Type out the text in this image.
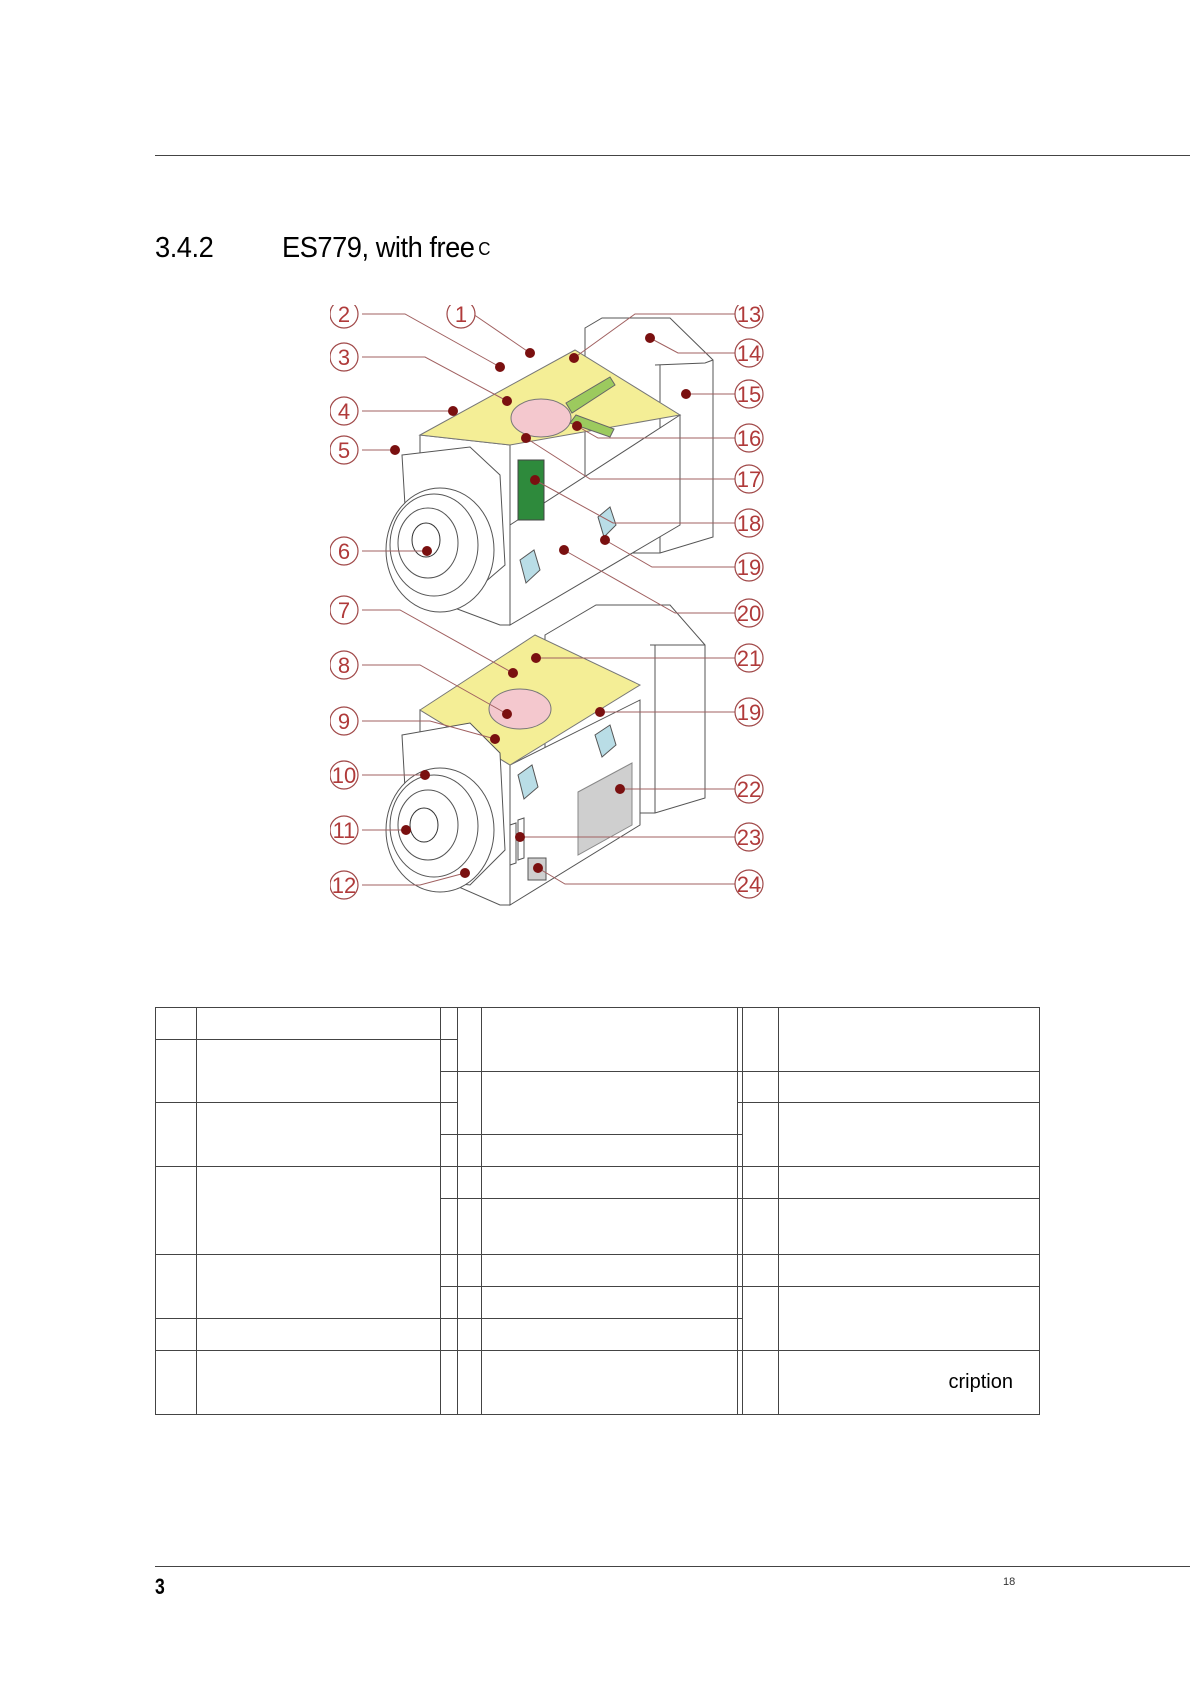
3.4.2 ES779, with free C
2
3
4
5
6
7
8
9
10
11
12
1	13
14
15
16
17
18
19
20
21
19
22
23
24

	cription
3	18
